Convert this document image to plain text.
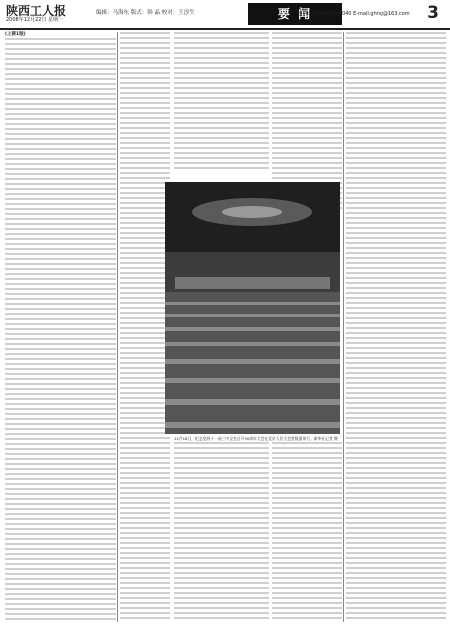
陕西工人报
2008年12月22日 星期一
编辑：马海东 版式：韩 晶 校对：王淳生	要 闻
电 话：(029)87344040 E-mail:ghrsj@163.com 3
(上接1版)
12月18日，纪念党的十一届三中全会召开30周年大会在北京人民大会堂隆重举行。新华社记者 摄
